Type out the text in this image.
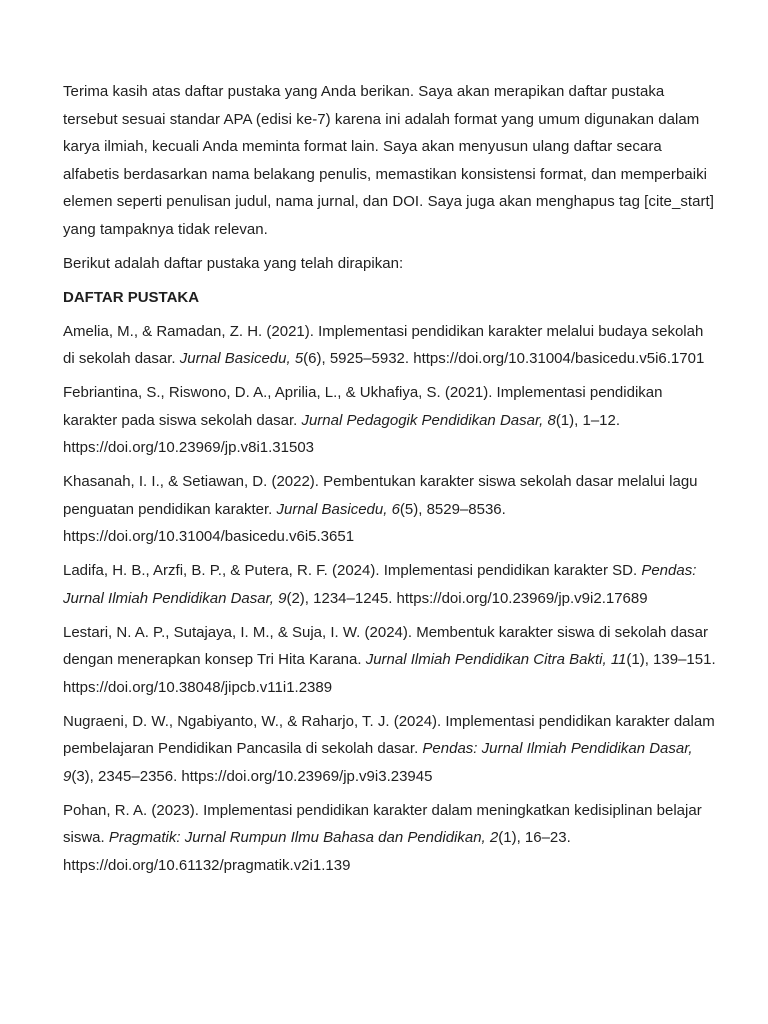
Terima kasih atas daftar pustaka yang Anda berikan. Saya akan merapikan daftar pustaka tersebut sesuai standar APA (edisi ke-7) karena ini adalah format yang umum digunakan dalam karya ilmiah, kecuali Anda meminta format lain. Saya akan menyusun ulang daftar secara alfabetis berdasarkan nama belakang penulis, memastikan konsistensi format, dan memperbaiki elemen seperti penulisan judul, nama jurnal, dan DOI. Saya juga akan menghapus tag [cite_start] yang tampaknya tidak relevan.

Berikut adalah daftar pustaka yang telah dirapikan:

DAFTAR PUSTAKA

Amelia, M., & Ramadan, Z. H. (2021). Implementasi pendidikan karakter melalui budaya sekolah di sekolah dasar. Jurnal Basicedu, 5(6), 5925–5932. https://doi.org/10.31004/basicedu.v5i6.1701

Febriantina, S., Riswono, D. A., Aprilia, L., & Ukhafiya, S. (2021). Implementasi pendidikan karakter pada siswa sekolah dasar. Jurnal Pedagogik Pendidikan Dasar, 8(1), 1–12. https://doi.org/10.23969/jp.v8i1.31503

Khasanah, I. I., & Setiawan, D. (2022). Pembentukan karakter siswa sekolah dasar melalui lagu penguatan pendidikan karakter. Jurnal Basicedu, 6(5), 8529–8536. https://doi.org/10.31004/basicedu.v6i5.3651

Ladifa, H. B., Arzfi, B. P., & Putera, R. F. (2024). Implementasi pendidikan karakter SD. Pendas: Jurnal Ilmiah Pendidikan Dasar, 9(2), 1234–1245. https://doi.org/10.23969/jp.v9i2.17689

Lestari, N. A. P., Sutajaya, I. M., & Suja, I. W. (2024). Membentuk karakter siswa di sekolah dasar dengan menerapkan konsep Tri Hita Karana. Jurnal Ilmiah Pendidikan Citra Bakti, 11(1), 139–151. https://doi.org/10.38048/jipcb.v11i1.2389

Nugraeni, D. W., Ngabiyanto, W., & Raharjo, T. J. (2024). Implementasi pendidikan karakter dalam pembelajaran Pendidikan Pancasila di sekolah dasar. Pendas: Jurnal Ilmiah Pendidikan Dasar, 9(3), 2345–2356. https://doi.org/10.23969/jp.v9i3.23945

Pohan, R. A. (2023). Implementasi pendidikan karakter dalam meningkatkan kedisiplinan belajar siswa. Pragmatik: Jurnal Rumpun Ilmu Bahasa dan Pendidikan, 2(1), 16–23. https://doi.org/10.61132/pragmatik.v2i1.139
